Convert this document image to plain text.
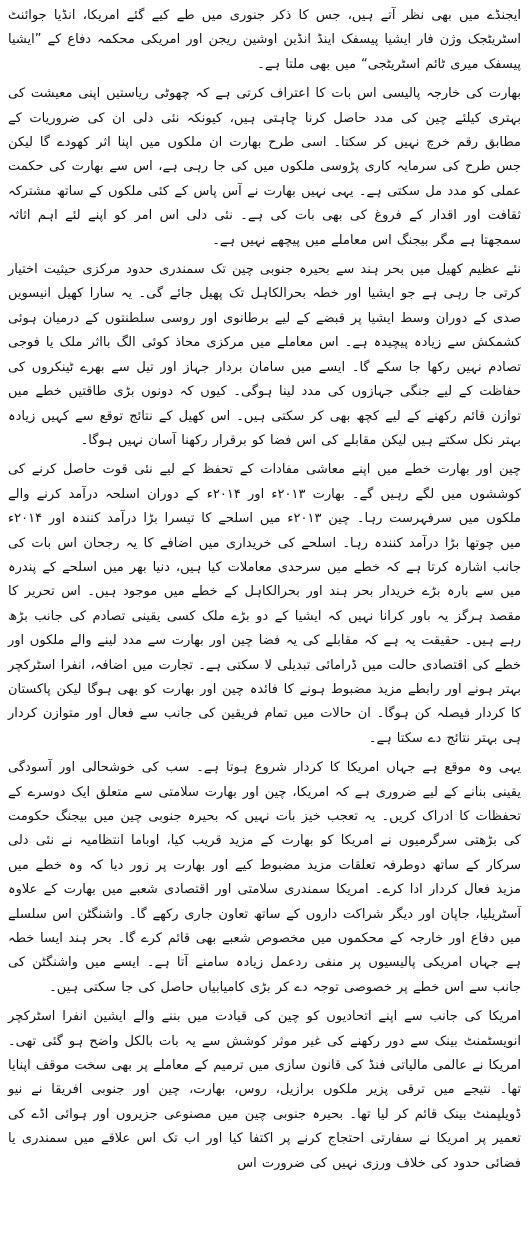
ایجنڈے میں بھی نظر آتے ہیں، جس کا ذکر جنوری میں طے کیے گئے امریکا، انڈیا جوائنٹ اسٹریٹجک وژن فار ایشیا پیسفک اینڈ انڈین اوشین ریجن اور امریکی محکمہ دفاع کے ”ایشیا پیسفک میری ٹائم اسٹریٹجی“ میں بھی ملتا ہے۔

بھارت کی خارجہ پالیسی اس بات کا اعتراف کرتی ہے کہ چھوٹی ریاستیں اپنی معیشت کی بہتری کیلئے چین کی مدد حاصل کرنا چاہتی ہیں، کیونکہ نئی دلی ان کی ضروریات کے مطابق رقم خرچ نہیں کر سکتا۔ اسی طرح بھارت ان ملکوں میں اپنا اثر کھودے گا لیکن جس طرح کی سرمایہ کاری پڑوسی ملکوں میں کی جا رہی ہے، اس سے بھارت کی حکمت عملی کو مدد مل سکتی ہے۔ یہی نہیں بھارت نے آس پاس کے کئی ملکوں کے ساتھ مشترکہ ثقافت اور اقدار کے فروغ کی بھی بات کی ہے۔ نئی دلی اس امر کو اپنے لئے اہم اثاثہ سمجھتا ہے مگر بیجنگ اس معاملے میں پیچھے نہیں ہے۔

نئے عظیم کھیل میں بحر ہند سے بحیرہ جنوبی چین تک سمندری حدود مرکزی حیثیت اختیار کرتی جا رہی ہے جو ایشیا اور خطہ بحرالکاہل تک پھیل جائے گی۔ یہ سارا کھیل انیسویں صدی کے دوران وسط ایشیا پر قبضے کے لیے برطانوی اور روسی سلطنتوں کے درمیان ہوئی کشمکش سے زیادہ پیچیدہ ہے۔ اس معاملے میں مرکزی محاذ کوئی الگ بااثر ملک یا فوجی تصادم نہیں رکھا جا سکے گا۔ ایسے میں سامان بردار جہاز اور تیل سے بھرے ٹینکروں کی حفاظت کے لیے جنگی جہازوں کی مدد لینا ہوگی۔ کیوں کہ دونوں بڑی طاقتیں خطے میں توازن قائم رکھنے کے لیے کچھ بھی کر سکتی ہیں۔ اس کھیل کے نتائج توقع سے کہیں زیادہ بہتر نکل سکتے ہیں لیکن مقابلے کی اس فضا کو برقرار رکھنا آسان نہیں ہوگا۔

چین اور بھارت خطے میں اپنے معاشی مفادات کے تحفظ کے لیے نئی قوت حاصل کرنے کی کوششوں میں لگے رہیں گے۔ بھارت ۲۰۱۳ء اور ۲۰۱۴ء کے دوران اسلحہ درآمد کرنے والے ملکوں میں سرفہرست رہا۔ چین ۲۰۱۳ء میں اسلحے کا تیسرا بڑا درآمد کنندہ اور ۲۰۱۴ء میں چوتھا بڑا درآمد کنندہ رہا۔ اسلحے کی خریداری میں اضافے کا یہ رجحان اس بات کی جانب اشارہ کرتا ہے کہ خطے میں سرحدی معاملات کیا ہیں، دنیا بھر میں اسلحے کے پندرہ میں سے بارہ بڑے خریدار بحر ہند اور بحرالکاہل کے خطے میں موجود ہیں۔ اس تحریر کا مقصد ہرگز یہ باور کرانا نہیں کہ ایشیا کے دو بڑے ملک کسی یقینی تصادم کی جانب بڑھ رہے ہیں۔ حقیقت یہ ہے کہ مقابلے کی یہ فضا چین اور بھارت سے مدد لینے والے ملکوں اور خطے کی اقتصادی حالت میں ڈرامائی تبدیلی لا سکتی ہے۔ تجارت میں اضافہ، انفرا اسٹرکچر بہتر ہونے اور رابطے مزید مضبوط ہونے کا فائدہ چین اور بھارت کو بھی ہوگا لیکن پاکستان کا کردار فیصلہ کن ہوگا۔ ان حالات میں تمام فریقین کی جانب سے فعال اور متوازن کردار ہی بہتر نتائج دے سکتا ہے۔

یہی وہ موقع ہے جہاں امریکا کا کردار شروع ہوتا ہے۔ سب کی خوشحالی اور آسودگی یقینی بنانے کے لیے ضروری ہے کہ امریکا، چین اور بھارت سلامتی سے متعلق ایک دوسرے کے تحفظات کا ادراک کریں۔ یہ تعجب خیز بات نہیں کہ بحیرہ جنوبی چین میں بیجنگ حکومت کی بڑھتی سرگرمیوں نے امریکا کو بھارت کے مزید قریب کیا، اوباما انتظامیہ نے نئی دلی سرکار کے ساتھ دوطرفہ تعلقات مزید مضبوط کیے اور بھارت پر زور دیا کہ وہ خطے میں مزید فعال کردار ادا کرے۔ امریکا سمندری سلامتی اور اقتصادی شعبے میں بھارت کے علاوہ آسٹریلیا، جاپان اور دیگر شراکت داروں کے ساتھ تعاون جاری رکھے گا۔ واشنگٹن اس سلسلے میں دفاع اور خارجہ کے محکموں میں مخصوص شعبے بھی قائم کرے گا۔ بحر ہند ایسا خطہ ہے جہاں امریکی پالیسیوں پر منفی ردعمل زیادہ سامنے آتا ہے۔ ایسے میں واشنگٹن کی جانب سے اس خطے پر خصوصی توجہ دے کر بڑی کامیابیاں حاصل کی جا سکتی ہیں۔

امریکا کی جانب سے اپنے اتحادیوں کو چین کی قیادت میں بننے والے ایشین انفرا اسٹرکچر انویسٹمنٹ بینک سے دور رکھنے کی غیر موثر کوشش سے یہ بات بالکل واضح ہو گئی تھی۔ امریکا نے عالمی مالیاتی فنڈ کی قانون سازی میں ترمیم کے معاملے پر بھی سخت موقف اپنایا تھا۔ نتیجے میں ترقی پزیر ملکوں برازیل، روس، بھارت، چین اور جنوبی افریقا نے نیو ڈویلپمنٹ بینک قائم کر لیا تھا۔ بحیرہ جنوبی چین میں مصنوعی جزیروں اور ہوائی اڈے کی تعمیر پر امریکا نے سفارتی احتجاج کرنے پر اکتفا کیا اور اب تک اس علاقے میں سمندری یا فضائی حدود کی خلاف ورزی نہیں کی ضرورت اس
